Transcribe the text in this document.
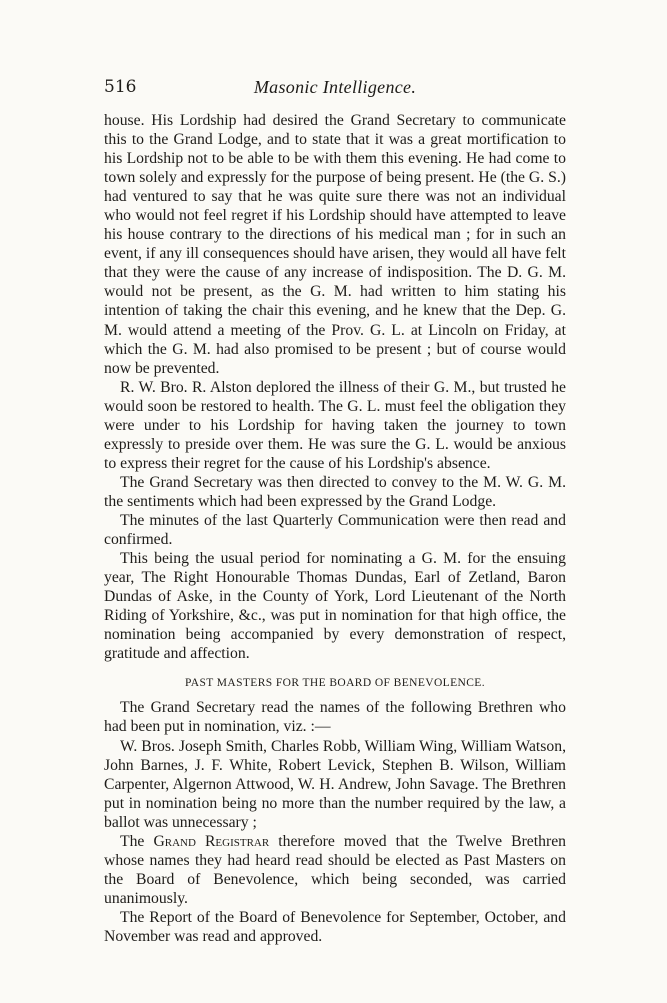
516	Masonic Intelligence.

house. His Lordship had desired the Grand Secretary to communicate this to the Grand Lodge, and to state that it was a great mortification to his Lordship not to be able to be with them this evening. He had come to town solely and expressly for the purpose of being present. He (the G. S.) had ventured to say that he was quite sure there was not an individual who would not feel regret if his Lordship should have attempted to leave his house contrary to the directions of his medical man ; for in such an event, if any ill consequences should have arisen, they would all have felt that they were the cause of any increase of indisposition. The D. G. M. would not be present, as the G. M. had written to him stating his intention of taking the chair this evening, and he knew that the Dep. G. M. would attend a meeting of the Prov. G. L. at Lincoln on Friday, at which the G. M. had also promised to be present ; but of course would now be prevented.

R. W. Bro. R. Alston deplored the illness of their G. M., but trusted he would soon be restored to health. The G. L. must feel the obligation they were under to his Lordship for having taken the journey to town expressly to preside over them. He was sure the G. L. would be anxious to express their regret for the cause of his Lordship's absence.

The Grand Secretary was then directed to convey to the M. W. G. M. the sentiments which had been expressed by the Grand Lodge.

The minutes of the last Quarterly Communication were then read and confirmed.

This being the usual period for nominating a G. M. for the ensuing year, The Right Honourable Thomas Dundas, Earl of Zetland, Baron Dundas of Aske, in the County of York, Lord Lieutenant of the North Riding of Yorkshire, &c., was put in nomination for that high office, the nomination being accompanied by every demonstration of respect, gratitude and affection.

PAST MASTERS FOR THE BOARD OF BENEVOLENCE.

The Grand Secretary read the names of the following Brethren who had been put in nomination, viz. :—

W. Bros. Joseph Smith, Charles Robb, William Wing, William Watson, John Barnes, J. F. White, Robert Levick, Stephen B. Wilson, William Carpenter, Algernon Attwood, W. H. Andrew, John Savage. The Brethren put in nomination being no more than the number required by the law, a ballot was unnecessary ;

The Grand Registrar therefore moved that the Twelve Brethren whose names they had heard read should be elected as Past Masters on the Board of Benevolence, which being seconded, was carried unanimously.

The Report of the Board of Benevolence for September, October, and November was read and approved.
